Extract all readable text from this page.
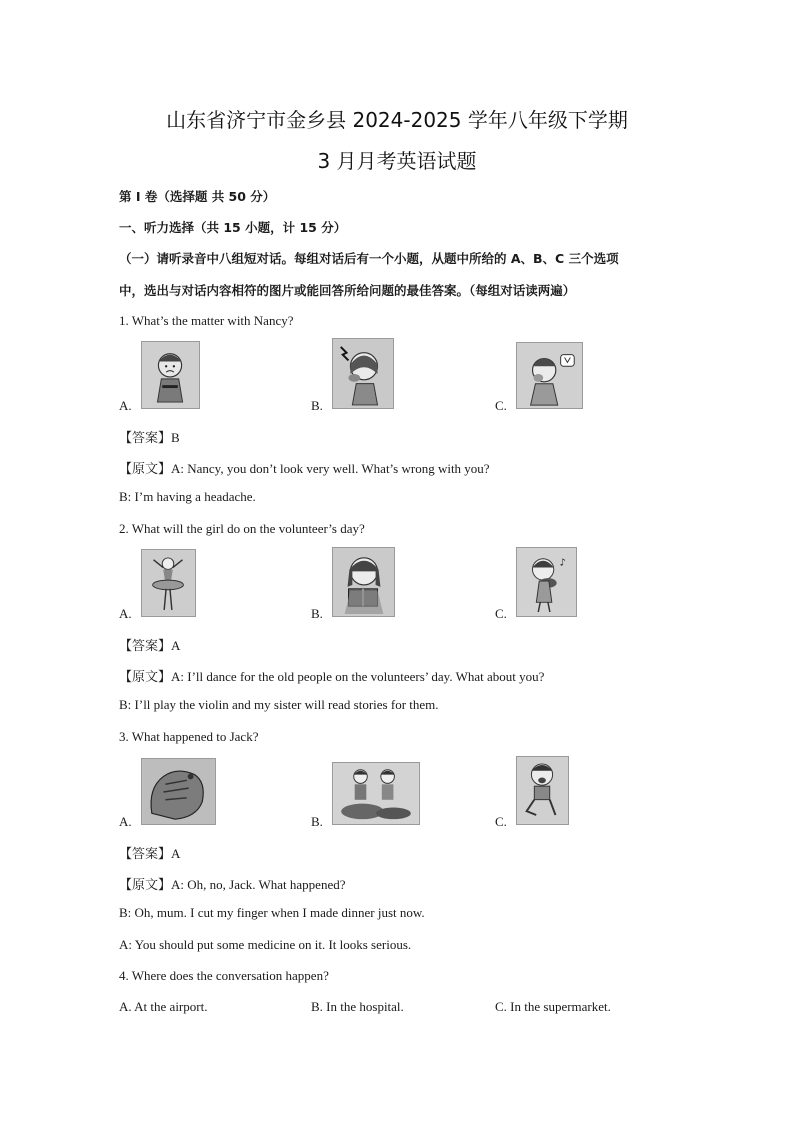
山东省济宁市金乡县 2024-2025 学年八年级下学期
3 月月考英语试题
第 I 卷（选择题 共 50 分）
一、听力选择（共 15 小题，计 15 分）
（一）请听录音中八组短对话。每组对话后有一个小题，从题中所给的 A、B、C 三个选项
中，选出与对话内容相符的图片或能回答所给问题的最佳答案。（每组对话读两遍）
1. What’s the matter with Nancy?
A.	B.	C.
【答案】B
【原文】A: Nancy, you don’t look very well. What’s wrong with you?
B: I’m having a headache.
2. What will the girl do on the volunteer’s day?
A.	B.	C.
♪
【答案】A
【原文】A: I’ll dance for the old people on the volunteers’ day. What about you?
B: I’ll play the violin and my sister will read stories for them.
3. What happened to Jack?
A.	B.	C.
【答案】A
【原文】A: Oh, no, Jack. What happened?
B: Oh, mum. I cut my finger when I made dinner just now.
A: You should put some medicine on it. It looks serious.
4. Where does the conversation happen?
A. At the airport.	B. In the hospital.	C. In the supermarket.
